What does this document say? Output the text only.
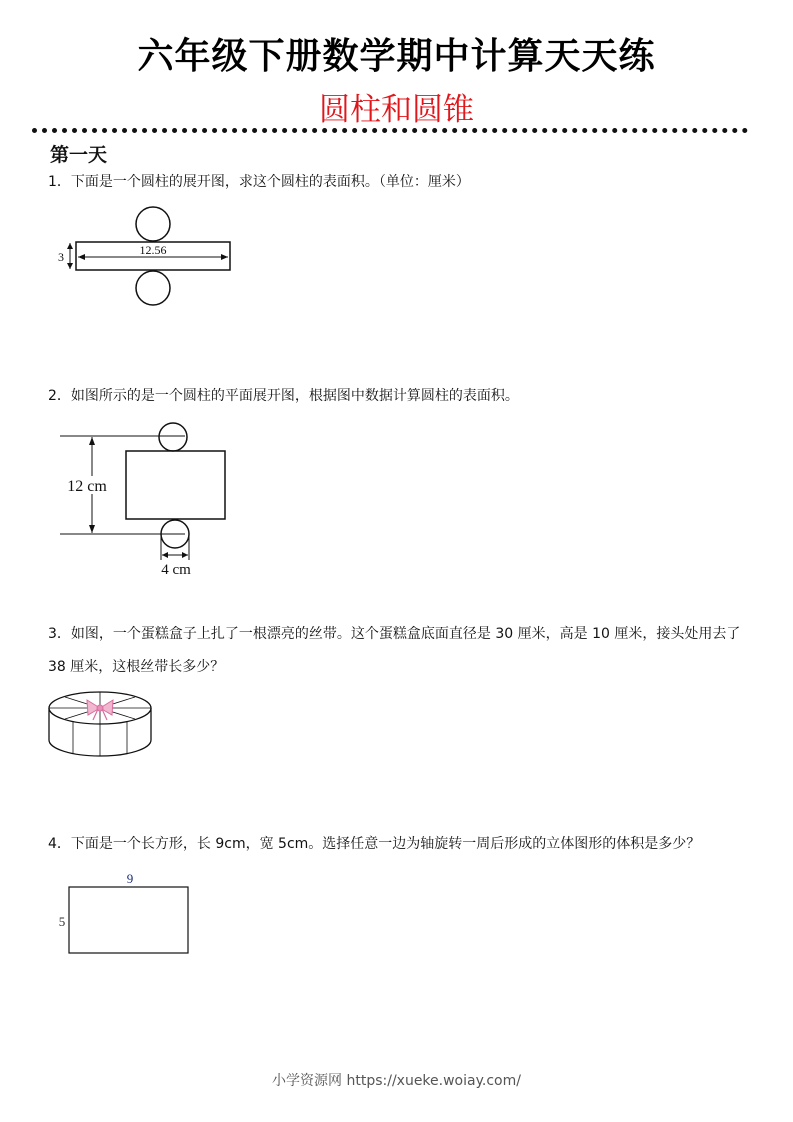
六年级下册数学期中计算天天练
圆柱和圆锥
第一天
1．下面是一个圆柱的展开图，求这个圆柱的表面积。（单位：厘米）
12.56
3
2．如图所示的是一个圆柱的平面展开图，根据图中数据计算圆柱的表面积。
12 cm
4 cm
3．如图，一个蛋糕盒子上扎了一根漂亮的丝带。这个蛋糕盒底面直径是 30 厘米，高是 10 厘米，接头处用去了 38 厘米，这根丝带长多少？
4．下面是一个长方形，长 9cm，宽 5cm。选择任意一边为轴旋转一周后形成的立体图形的体积是多少？
9
5
小学资源网 https://xueke.woiay.com/
